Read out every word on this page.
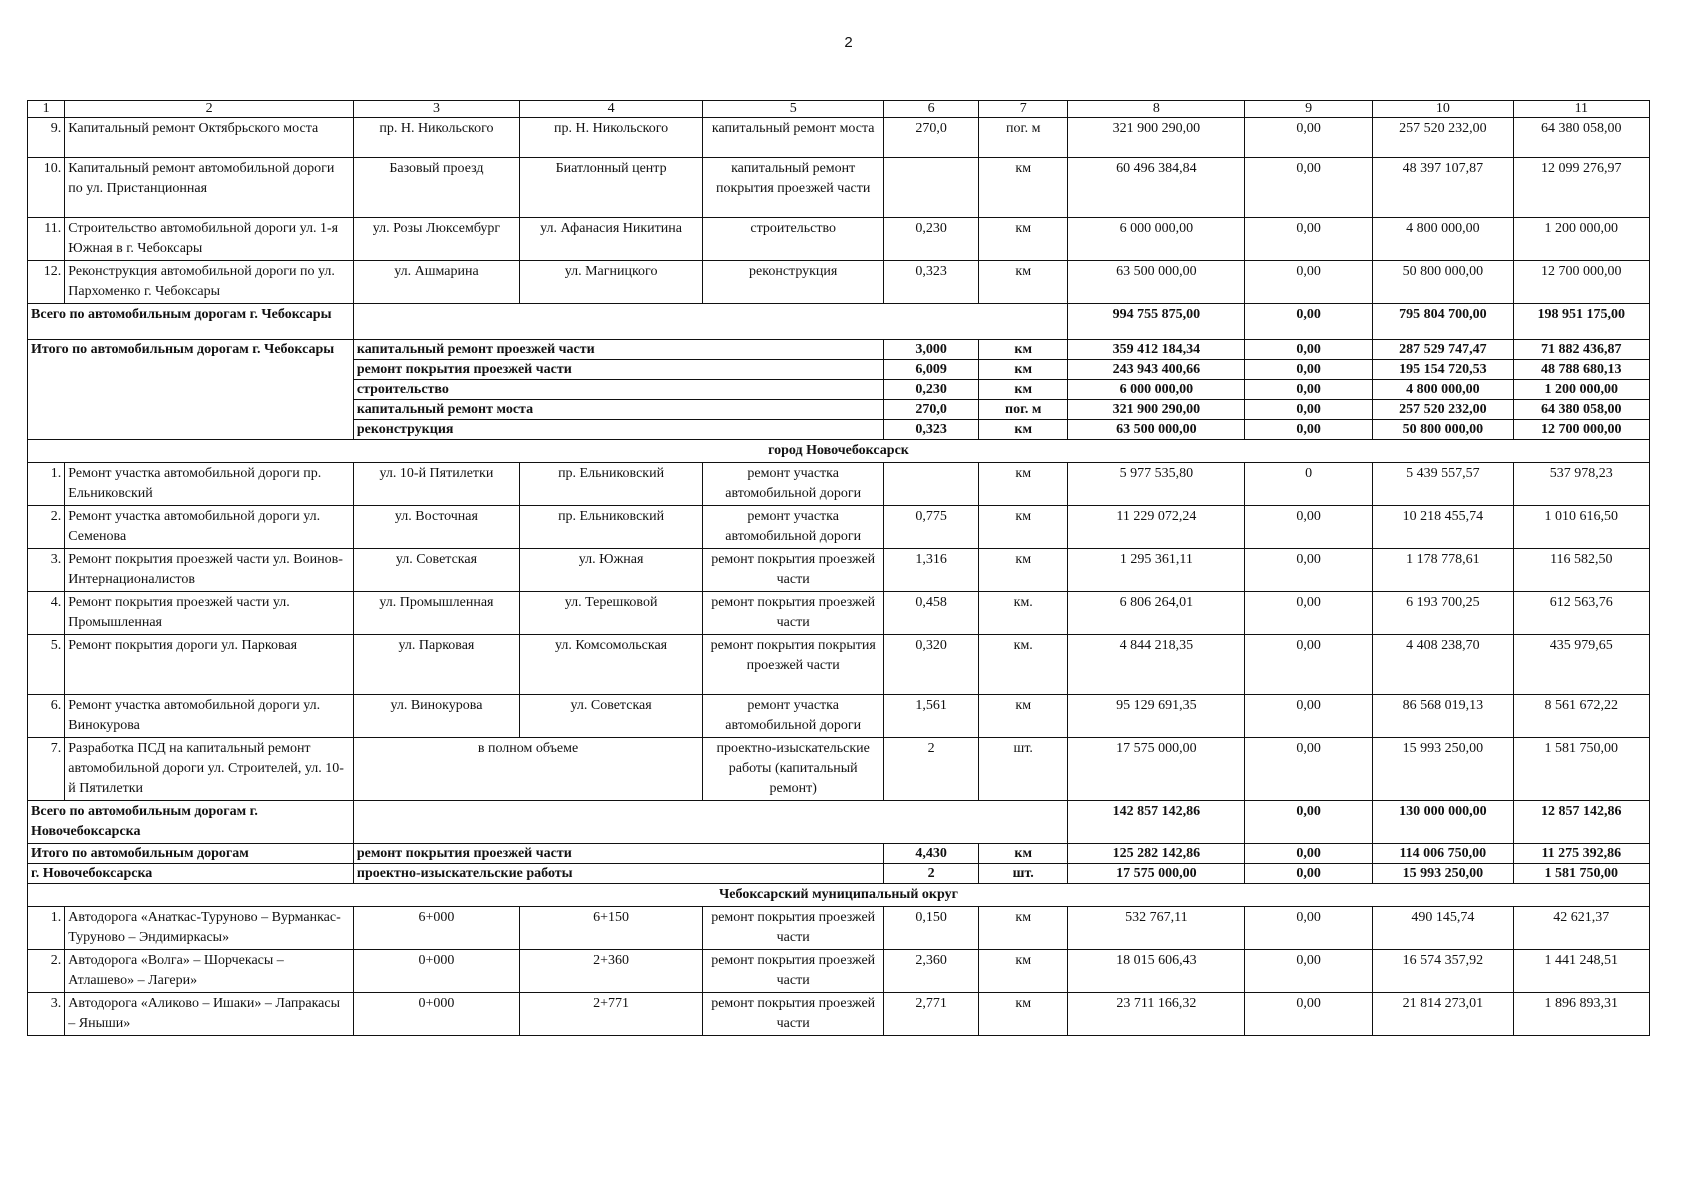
2
1	2	3	4	5	6	7	8	9	10	11
9.	Капитальный ремонт Октябрьского моста	пр. Н. Никольского	пр. Н. Никольского	капитальный ремонт моста	270,0	пог. м	321 900 290,00	0,00	257 520 232,00	64 380 058,00
10.	Капитальный ремонт автомобильной дороги по ул. Пристанционная	Базовый проезд	Биатлонный центр	капитальный ремонт покрытия проезжей части		км	60 496 384,84	0,00	48 397 107,87	12 099 276,97
11.	Строительство автомобильной дороги ул. 1-я Южная в г. Чебоксары	ул. Розы Люксембург	ул. Афанасия Никитина	строительство	0,230	км	6 000 000,00	0,00	4 800 000,00	1 200 000,00
12.	Реконструкция автомобильной дороги по ул. Пархоменко г. Чебоксары	ул. Ашмарина	ул. Магницкого	реконструкция	0,323	км	63 500 000,00	0,00	50 800 000,00	12 700 000,00
Всего по автомобильным дорогам г. Чебоксары							994 755 875,00	0,00	795 804 700,00	198 951 175,00
Итого по автомобильным дорогам г. Чебоксары		капитальный ремонт проезжей части			3,000	км	359 412 184,34	0,00	287 529 747,47	71 882 436,87
		ремонт покрытия проезжей части			6,009	км	243 943 400,66	0,00	195 154 720,53	48 788 680,13
		строительство			0,230	км	6 000 000,00	0,00	4 800 000,00	1 200 000,00
		капитальный ремонт моста			270,0	пог. м	321 900 290,00	0,00	257 520 232,00	64 380 058,00
		реконструкция			0,323	км	63 500 000,00	0,00	50 800 000,00	12 700 000,00
город Новочебоксарск										
1.	Ремонт участка автомобильной дороги пр. Ельниковский	ул. 10-й Пятилетки	пр. Ельниковский	ремонт участка автомобильной дороги		км	5 977 535,80	0	5 439 557,57	537 978,23
2.	Ремонт участка автомобильной дороги ул. Семенова	ул. Восточная	пр. Ельниковский	ремонт участка автомобильной дороги	0,775	км	11 229 072,24	0,00	10 218 455,74	1 010 616,50
3.	Ремонт покрытия проезжей части ул. Воинов-Интернационалистов	ул. Советская	ул. Южная	ремонт покрытия проезжей части	1,316	км	1 295 361,11	0,00	1 178 778,61	116 582,50
4.	Ремонт покрытия проезжей части ул. Промышленная	ул. Промышленная	ул. Терешковой	ремонт покрытия проезжей части	0,458	км.	6 806 264,01	0,00	6 193 700,25	612 563,76
5.	Ремонт покрытия дороги ул. Парковая	ул. Парковая	ул. Комсомольская	ремонт покрытия покрытия проезжей части	0,320	км.	4 844 218,35	0,00	4 408 238,70	435 979,65
6.	Ремонт участка автомобильной дороги ул. Винокурова	ул. Винокурова	ул. Советская	ремонт участка автомобильной дороги	1,561	км	95 129 691,35	0,00	86 568 019,13	8 561 672,22
7.	Разработка ПСД на капитальный ремонт автомобильной дороги ул. Строителей, ул. 10-й Пятилетки	в полном объеме		проектно-изыскательские работы (капитальный ремонт)	2	шт.	17 575 000,00	0,00	15 993 250,00	1 581 750,00
Всего по автомобильным дорогам г. Новочебоксарска							142 857 142,86	0,00	130 000 000,00	12 857 142,86
Итого по автомобильным дорогам		ремонт покрытия проезжей части			4,430	км	125 282 142,86	0,00	114 006 750,00	11 275 392,86
г. Новочебоксарска		проектно-изыскательские работы			2	шт.	17 575 000,00	0,00	15 993 250,00	1 581 750,00
Чебоксарский муниципальный округ										
1.	Автодорога «Анаткас-Туруново – Вурманкас-Туруново – Эндимиркасы»	6+000	6+150	ремонт покрытия проезжей части	0,150	км	532 767,11	0,00	490 145,74	42 621,37
2.	Автодорога «Волга» – Шорчекасы – Атлашево» – Лагери»	0+000	2+360	ремонт покрытия проезжей части	2,360	км	18 015 606,43	0,00	16 574 357,92	1 441 248,51
3.	Автодорога «Аликово – Ишаки» – Лапракасы – Яныши»	0+000	2+771	ремонт покрытия проезжей части	2,771	км	23 711 166,32	0,00	21 814 273,01	1 896 893,31
